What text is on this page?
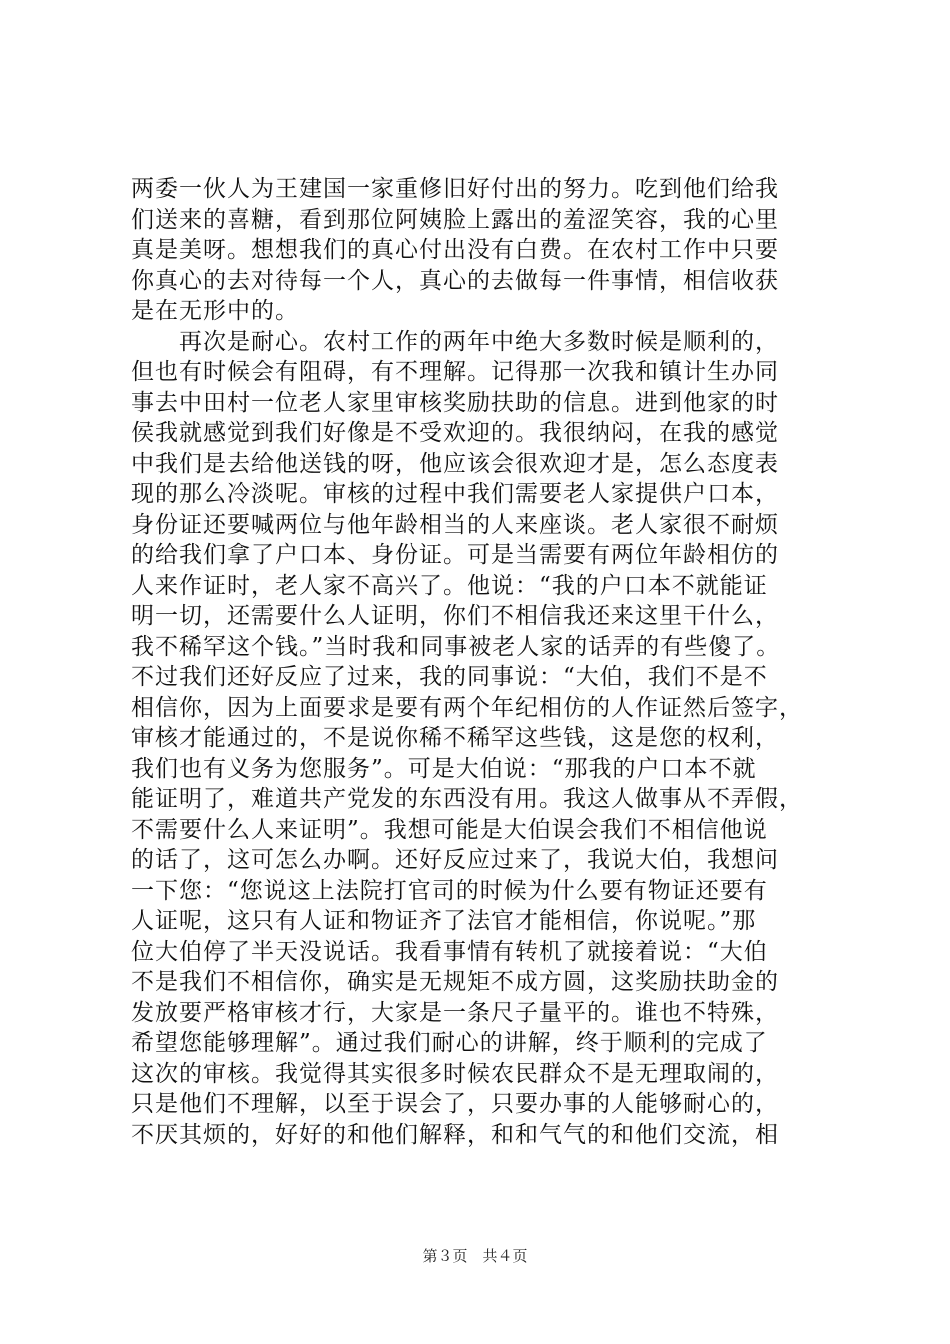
两委一伙人为王建国一家重修旧好付出的努力。吃到他们给我
们送来的喜糖，看到那位阿姨脸上露出的羞涩笑容，我的心里
真是美呀。想想我们的真心付出没有白费。在农村工作中只要
你真心的去对待每一个人，真心的去做每一件事情，相信收获
是在无形中的。
　　再次是耐心。农村工作的两年中绝大多数时候是顺利的，
但也有时候会有阻碍，有不理解。记得那一次我和镇计生办同
事去中田村一位老人家里审核奖励扶助的信息。进到他家的时
侯我就感觉到我们好像是不受欢迎的。我很纳闷，在我的感觉
中我们是去给他送钱的呀，他应该会很欢迎才是，怎么态度表
现的那么冷淡呢。审核的过程中我们需要老人家提供户口本，
身份证还要喊两位与他年龄相当的人来座谈。老人家很不耐烦
的给我们拿了户口本、身份证。可是当需要有两位年龄相仿的
人来作证时，老人家不高兴了。他说：“我的户口本不就能证
明一切，还需要什么人证明，你们不相信我还来这里干什么，
我不稀罕这个钱。”当时我和同事被老人家的话弄的有些傻了。
不过我们还好反应了过来，我的同事说：“大伯，我们不是不
相信你，因为上面要求是要有两个年纪相仿的人作证然后签字，
审核才能通过的，不是说你稀不稀罕这些钱，这是您的权利，
我们也有义务为您服务”。可是大伯说：“那我的户口本不就
能证明了，难道共产党发的东西没有用。我这人做事从不弄假，
不需要什么人来证明”。我想可能是大伯误会我们不相信他说
的话了，这可怎么办啊。还好反应过来了，我说大伯，我想问
一下您：“您说这上法院打官司的时候为什么要有物证还要有
人证呢，这只有人证和物证齐了法官才能相信，你说呢。”那
位大伯停了半天没说话。我看事情有转机了就接着说：“大伯
不是我们不相信你，确实是无规矩不成方圆，这奖励扶助金的
发放要严格审核才行，大家是一条尺子量平的。谁也不特殊，
希望您能够理解”。通过我们耐心的讲解，终于顺利的完成了
这次的审核。我觉得其实很多时候农民群众不是无理取闹的，
只是他们不理解，以至于误会了，只要办事的人能够耐心的，
不厌其烦的，好好的和他们解释，和和气气的和他们交流，相
第３页　共４页
